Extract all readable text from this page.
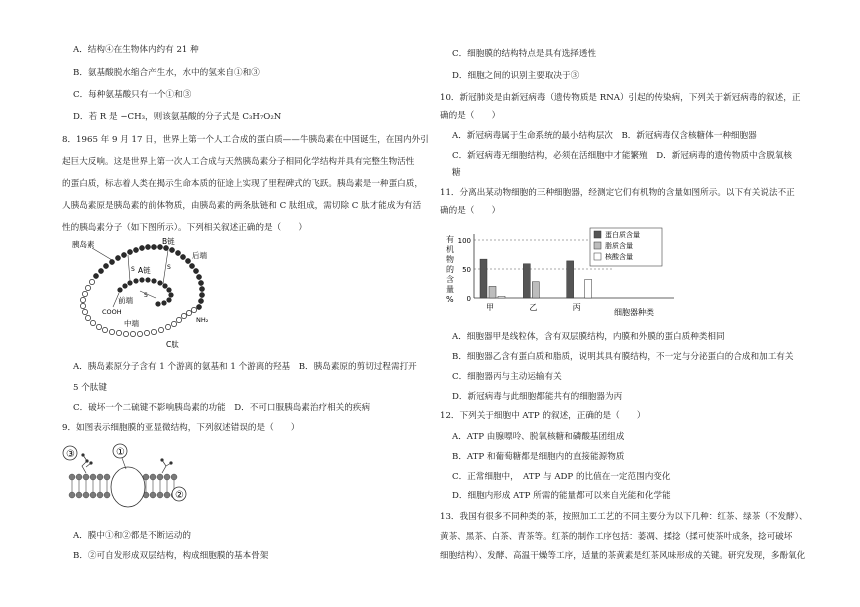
A．结构④在生物体内约有 21 种
B．氨基酸脱水缩合产生水，水中的氢来自①和③
C．每种氨基酸只有一个①和③
D．若 R 是 −CH₃，则该氨基酸的分子式是 C₃H₇O₂N
8．1965 年 9 月 17 日，世界上第一个人工合成的蛋白质——牛胰岛素在中国诞生，在国内外引
起巨大反响。这是世界上第一次人工合成与天然胰岛素分子相同化学结构并具有完整生物活性
的蛋白质，标志着人类在揭示生命本质的征途上实现了里程碑式的飞跃。胰岛素是一种蛋白质，
人胰岛素原是胰岛素的前体物质，由胰岛素的两条肽链和 C 肽组成，需切除 C 肽才能成为有活
性的胰岛素分子（如下图所示）。下列相关叙述正确的是（　　）
S	S
S
胰岛素	B链
A链
后端
前端
COOH
NH₂
中端
C肽
A．胰岛素原分子含有 1 个游离的氨基和 1 个游离的羟基　B．胰岛素原的剪切过程需打开
5 个肽键
C．破坏一个二硫键不影响胰岛素的功能　D．不可口服胰岛素治疗相关的疾病
9．如图表示细胞膜的亚显微结构，下列叙述错误的是（　　）
③	①
②
A．膜中①和②都是不断运动的
B．②可自发形成双层结构，构成细胞膜的基本骨架
C．细胞膜的结构特点是具有选择透性
D．细胞之间的识别主要取决于③
10．新冠肺炎是由新冠病毒（遗传物质是 RNA）引起的传染病，下列关于新冠病毒的叙述，正
确的是（　　）
A．新冠病毒属于生命系统的最小结构层次　B．新冠病毒仅含核糖体一种细胞器
C．新冠病毒无细胞结构，必须在活细胞中才能繁殖　D．新冠病毒的遗传物质中含脱氧核
糖
11．分离出某动物细胞的三种细胞器，经测定它们有机物的含量如图所示。以下有关说法不正
确的是（　　）
有
机
物
的
含
量
% 0
50
100
甲	乙	丙
蛋白质含量
脂质含量
核酸含量
细胞器种类
A．细胞器甲是线粒体，含有双层膜结构，内膜和外膜的蛋白质种类相同
B．细胞器乙含有蛋白质和脂质，说明其具有膜结构，不一定与分泌蛋白的合成和加工有关
C．细胞器丙与主动运输有关
D．新冠病毒与此细胞都能共有的细胞器为丙
12．下列关于细胞中 ATP 的叙述，正确的是（　　）
A．ATP 由腺嘌呤、脱氧核糖和磷酸基团组成
B．ATP 和葡萄糖都是细胞内的直接能源物质
C．正常细胞中，　ATP 与 ADP 的比值在一定范围内变化
D．细胞内形成 ATP 所需的能量都可以来自光能和化学能
13．我国有很多不同种类的茶，按照加工工艺的不同主要分为以下几种：红茶、绿茶（不发酵）、
黄茶、黑茶、白茶、青茶等。红茶的制作工序包括：萎凋、揉捻（揉可使茶叶成条，捻可破坏
细胞结构）、发酵、高温干燥等工序，适量的茶黄素是红茶风味形成的关键。研究发现，多酚氧化
